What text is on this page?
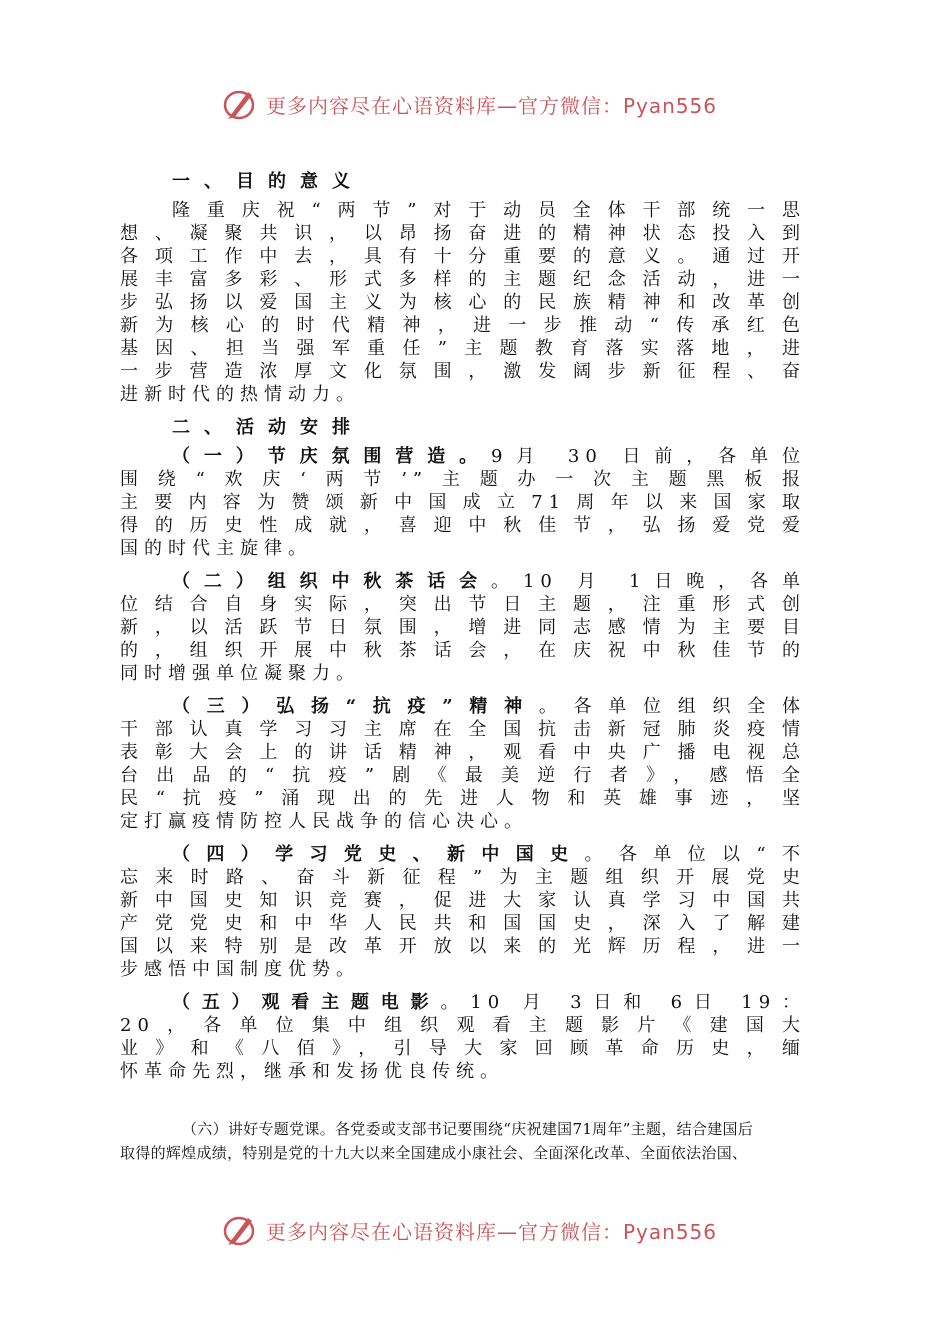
更多内容尽在心语资料库—官方微信：Pyan556
一、目的意义
隆重庆祝“两节”对于动员全体干部统一思
想、凝聚共识，以昂扬奋进的精神状态投入到
各项工作中去，具有十分重要的意义。通过开
展丰富多彩、形式多样的主题纪念活动，进一
步弘扬以爱国主义为核心的民族精神和改革创
新为核心的时代精神，进一步推动“传承红色
基因、担当强军重任”主题教育落实落地，进
一步营造浓厚文化氛围，激发阔步新征程、奋
进新时代的热情动力。
二、活动安排
（一）节庆氛围营造。9月 30 日前，各单位
围绕“欢庆‘两节’”主题办一次主题黑板报
主要内容为赞颂新中国成立71周年以来国家取
得的历史性成就，喜迎中秋佳节，弘扬爱党爱
国的时代主旋律。
（二）组织中秋茶话会。10 月 1日晚，各单
位结合自身实际，突出节日主题，注重形式创
新，以活跃节日氛围，增进同志感情为主要目
的，组织开展中秋茶话会，在庆祝中秋佳节的
同时增强单位凝聚力。
（三）弘扬“抗疫”精神。各单位组织全体
干部认真学习习主席在全国抗击新冠肺炎疫情
表彰大会上的讲话精神，观看中央广播电视总
台出品的“抗疫”剧《最美逆行者》，感悟全
民“抗疫”涌现出的先进人物和英雄事迹，坚
定打赢疫情防控人民战争的信心决心。
（四）学习党史、新中国史。各单位以“不
忘来时路、奋斗新征程”为主题组织开展党史
新中国史知识竞赛，促进大家认真学习中国共
产党党史和中华人民共和国国史，深入了解建
国以来特别是改革开放以来的光辉历程，进一
步感悟中国制度优势。
（五）观看主题电影。10 月 3日和 6日 19：
20，各单位集中组织观看主题影片《建国大
业》和《八佰》，引导大家回顾革命历史，缅
怀革命先烈，继承和发扬优良传统。
（六）讲好专题党课。各党委或支部书记要围绕“庆祝建国71周年”主题，结合建国后
取得的辉煌成绩，特别是党的十九大以来全国建成小康社会、全面深化改革、全面依法治国、
更多内容尽在心语资料库—官方微信：Pyan556
